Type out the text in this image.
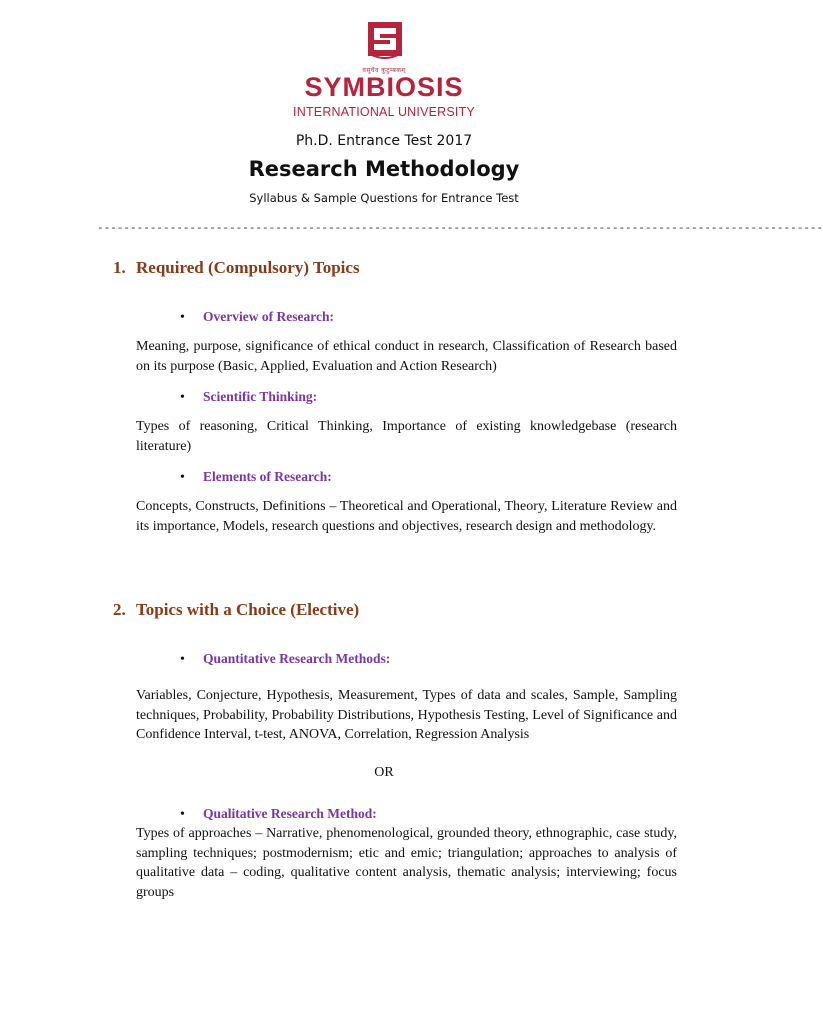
वसुधैव कुटुम्बकम्
SYMBIOSIS
INTERNATIONAL UNIVERSITY
Ph.D. Entrance Test 2017
Research Methodology
Syllabus & Sample Questions for Entrance Test
--------------------------------------------------------------------------------------------------------------
1. Required (Compulsory) Topics
• Overview of Research:
Meaning, purpose, significance of ethical conduct in research, Classification of Research based on its purpose (Basic, Applied, Evaluation and Action Research)
• Scientific Thinking:
Types of reasoning, Critical Thinking, Importance of existing knowledgebase (research literature)
• Elements of Research:
Concepts, Constructs, Definitions – Theoretical and Operational, Theory, Literature Review and its importance, Models, research questions and objectives, research design and methodology.
2. Topics with a Choice (Elective)
• Quantitative Research Methods:
Variables, Conjecture, Hypothesis, Measurement, Types of data and scales, Sample, Sampling techniques, Probability, Probability Distributions, Hypothesis Testing, Level of Significance and Confidence Interval, t-test, ANOVA, Correlation, Regression Analysis
OR
• Qualitative Research Method:
Types of approaches – Narrative, phenomenological, grounded theory, ethnographic, case study, sampling techniques; postmodernism; etic and emic; triangulation; approaches to analysis of qualitative data – coding, qualitative content analysis, thematic analysis; interviewing; focus groups
